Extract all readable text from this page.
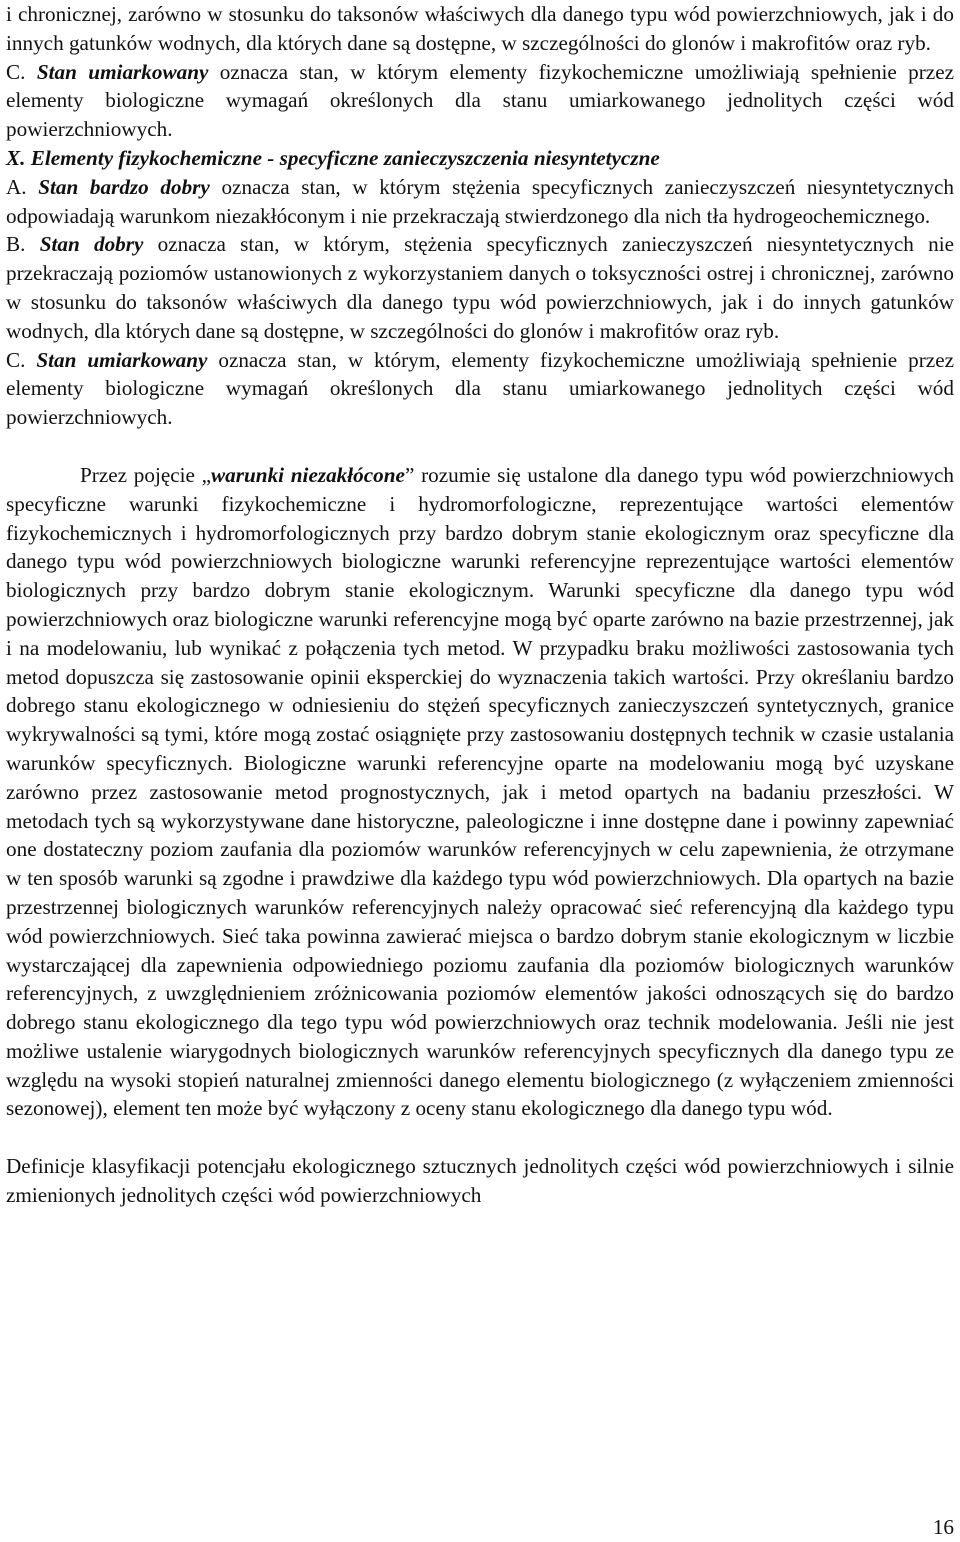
i chronicznej, zarówno w stosunku do taksonów właściwych dla danego typu wód powierzchniowych, jak i do innych gatunków wodnych, dla których dane są dostępne, w szczególności do glonów i makrofitów oraz ryb.

C. Stan umiarkowany oznacza stan, w którym elementy fizykochemiczne umożliwiają spełnienie przez elementy biologiczne wymagań określonych dla stanu umiarkowanego jednolitych części wód powierzchniowych.

X. Elementy fizykochemiczne - specyficzne zanieczyszczenia niesyntetyczne

A. Stan bardzo dobry oznacza stan, w którym stężenia specyficznych zanieczyszczeń niesyntetycznych odpowiadają warunkom niezakłóconym i nie przekraczają stwierdzonego dla nich tła hydrogeochemicznego.

B. Stan dobry oznacza stan, w którym, stężenia specyficznych zanieczyszczeń niesyntetycznych nie przekraczają poziomów ustanowionych z wykorzystaniem danych o toksyczności ostrej i chronicznej, zarówno w stosunku do taksonów właściwych dla danego typu wód powierzchniowych, jak i do innych gatunków wodnych, dla których dane są dostępne, w szczególności do glonów i makrofitów oraz ryb.

C. Stan umiarkowany oznacza stan, w którym, elementy fizykochemiczne umożliwiają spełnienie przez elementy biologiczne wymagań określonych dla stanu umiarkowanego jednolitych części wód powierzchniowych.

Przez pojęcie „warunki niezakłócone” rozumie się ustalone dla danego typu wód powierzchniowych specyficzne warunki fizykochemiczne i hydromorfologiczne, reprezentujące wartości elementów fizykochemicznych i hydromorfologicznych przy bardzo dobrym stanie ekologicznym oraz specyficzne dla danego typu wód powierzchniowych biologiczne warunki referencyjne reprezentujące wartości elementów biologicznych przy bardzo dobrym stanie ekologicznym. Warunki specyficzne dla danego typu wód powierzchniowych oraz biologiczne warunki referencyjne mogą być oparte zarówno na bazie przestrzennej, jak i na modelowaniu, lub wynikać z połączenia tych metod. W przypadku braku możliwości zastosowania tych metod dopuszcza się zastosowanie opinii eksperckiej do wyznaczenia takich wartości. Przy określaniu bardzo dobrego stanu ekologicznego w odniesieniu do stężeń specyficznych zanieczyszczeń syntetycznych, granice wykrywalności są tymi, które mogą zostać osiągnięte przy zastosowaniu dostępnych technik w czasie ustalania warunków specyficznych. Biologiczne warunki referencyjne oparte na modelowaniu mogą być uzyskane zarówno przez zastosowanie metod prognostycznych, jak i metod opartych na badaniu przeszłości. W metodach tych są wykorzystywane dane historyczne, paleologiczne i inne dostępne dane i powinny zapewniać one dostateczny poziom zaufania dla poziomów warunków referencyjnych w celu zapewnienia, że otrzymane w ten sposób warunki są zgodne i prawdziwe dla każdego typu wód powierzchniowych. Dla opartych na bazie przestrzennej biologicznych warunków referencyjnych należy opracować sieć referencyjną dla każdego typu wód powierzchniowych. Sieć taka powinna zawierać miejsca o bardzo dobrym stanie ekologicznym w liczbie wystarczającej dla zapewnienia odpowiedniego poziomu zaufania dla poziomów biologicznych warunków referencyjnych, z uwzględnieniem zróżnicowania poziomów elementów jakości odnoszących się do bardzo dobrego stanu ekologicznego dla tego typu wód powierzchniowych oraz technik modelowania. Jeśli nie jest możliwe ustalenie wiarygodnych biologicznych warunków referencyjnych specyficznych dla danego typu ze względu na wysoki stopień naturalnej zmienności danego elementu biologicznego (z wyłączeniem zmienności sezonowej), element ten może być wyłączony z oceny stanu ekologicznego dla danego typu wód.

Definicje klasyfikacji potencjału ekologicznego sztucznych jednolitych części wód powierzchniowych i silnie zmienionych jednolitych części wód powierzchniowych

16
